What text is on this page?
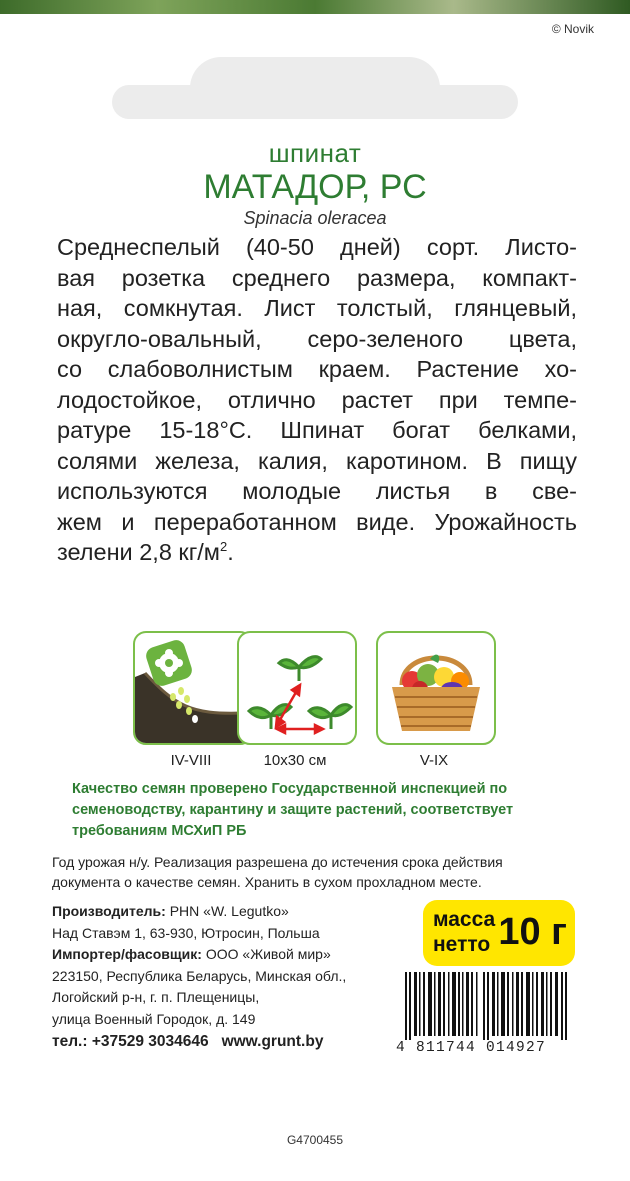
© Novik
шпинат
МАТАДОР, РС
Spinacia oleracea
Среднеспелый (40-50 дней) сорт. Листо-
вая розетка среднего размера, компакт-
ная, сомкнутая. Лист толстый, глянцевый,
округло-овальный, серо-зеленого цвета,
со слабоволнистым краем. Растение хо-
лодостойкое, отлично растет при темпе-
ратуре 15-18°С. Шпинат богат белками,
солями железа, калия, каротином. В пищу
используются молодые листья в све-
жем и переработанном виде. Урожайность
зелени 2,8 $кг/м^2$.
IV-VIII	10х30 см	V-IX
Качество семян проверено Государственной инспекцией по семеноводству, карантину и защите растений, соответствует требованиям МСХиП РБ
Год урожая н/у. Реализация разрешена до истечения срока действия документа о качестве семян. Хранить в сухом прохладном месте.
Производитель: PHN «W. Legutko»
Над Ставэм 1, 63-930, Ютросин, Польша
Импортер/фасовщик: ООО «Живой мир»
223150, Республика Беларусь, Минская обл.,
Логойский р-н, г. п. Плещеницы,
улица Военный Городок, д. 149
тел.: +37529 3034646 www.grunt.by
масса
нетто 10 г
4 811744 014927
G4700455
